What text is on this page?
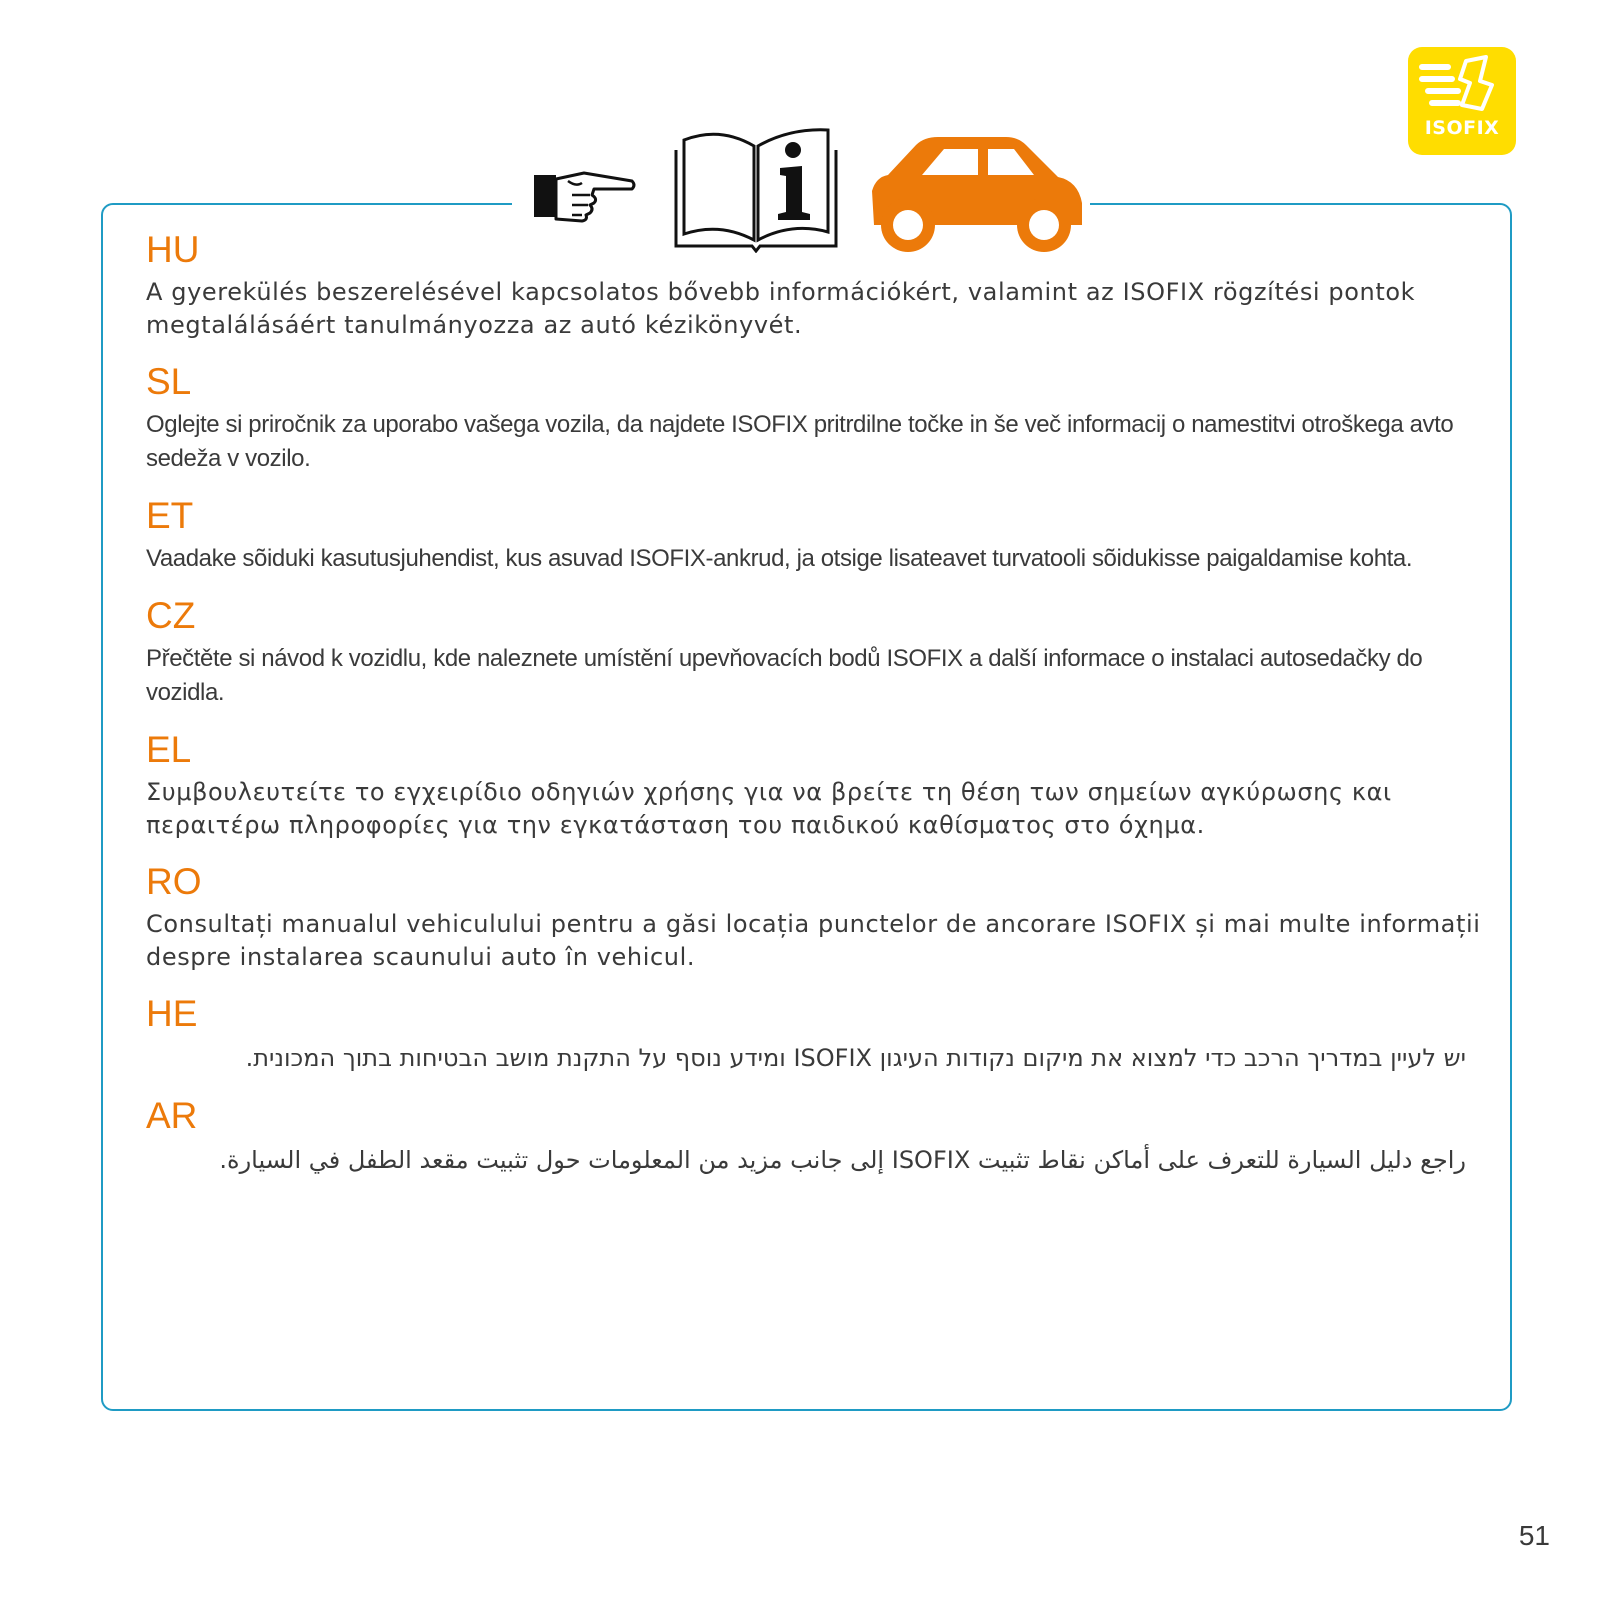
ISOFIX
HU
A gyerekülés beszerelésével kapcsolatos bővebb információkért, valamint az ISOFIX rögzítési pontok megtalálásáért tanulmányozza az autó kézikönyvét.
SL
Oglejte si priročnik za uporabo vašega vozila, da najdete ISOFIX pritrdilne točke in še več informacij o namestitvi otroškega avto sedeža v vozilo.
ET
Vaadake sõiduki kasutusjuhendist, kus asuvad ISOFIX-ankrud, ja otsige lisateavet turvatooli sõidukisse paigaldamise kohta.
CZ
Přečtěte si návod k vozidlu, kde naleznete umístění upevňovacích bodů ISOFIX a další informace o instalaci autosedačky do vozidla.
EL
Συμβουλευτείτε το εγχειρίδιο οδηγιών χρήσης για να βρείτε τη θέση των σημείων αγκύρωσης και περαιτέρω πληροφορίες για την εγκατάσταση του παιδικού καθίσματος στο όχημα.
RO
Consultați manualul vehiculului pentru a găsi locația punctelor de ancorare ISOFIX și mai multe informații despre instalarea scaunului auto în vehicul.
HE
יש לעיין במדריך הרכב כדי למצוא את מיקום נקודות העיגון ISOFIX ומידע נוסף על התקנת מושב הבטיחות בתוך המכונית.
AR
راجع دليل السيارة للتعرف على أماكن نقاط تثبيت ISOFIX إلى جانب مزيد من المعلومات حول تثبيت مقعد الطفل في السيارة.
51
